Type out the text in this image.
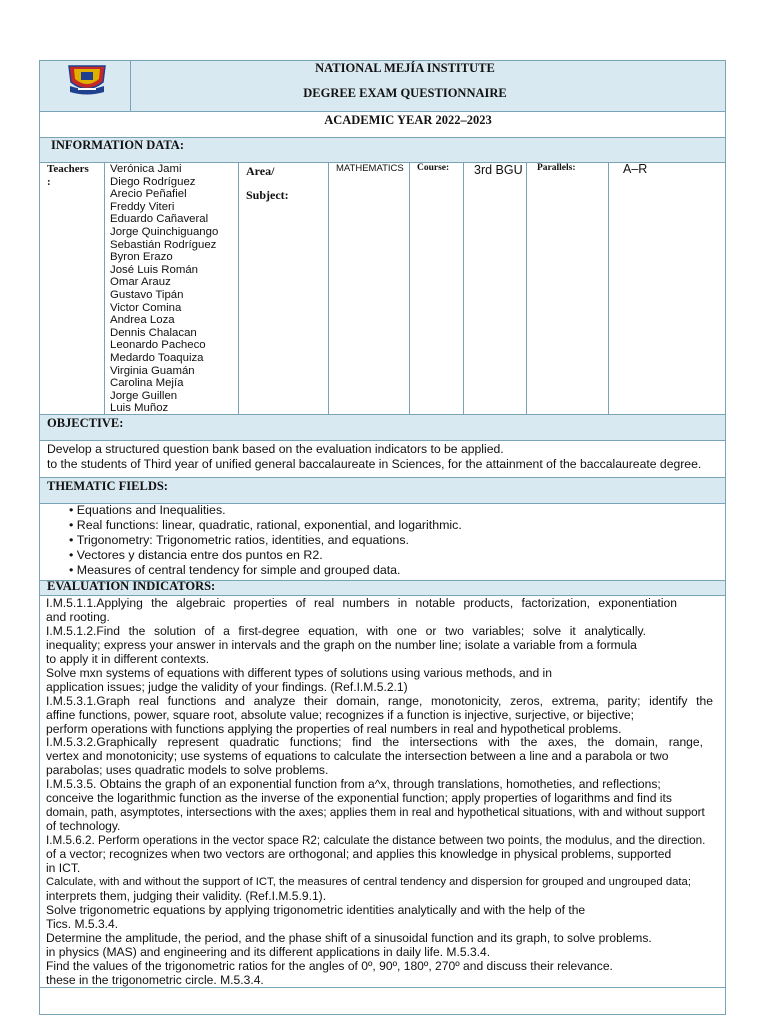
NATIONAL MEJÍA INSTITUTE
DEGREE EXAM QUESTIONNAIRE
ACADEMIC YEAR 2022–2023
INFORMATION DATA:
Teachers
:
Verónica Jami
Diego Rodríguez
Arecio Peñafiel
Freddy Viteri
Eduardo Cañaveral
Jorge Quinchiguango
Sebastián Rodríguez
Byron Erazo
José Luis Román
Omar Arauz
Gustavo Tipán
Victor Comina
Andrea Loza
Dennis Chalacan
Leonardo Pacheco
Medardo Toaquiza
Virginia Guamán
Carolina Mejía
Jorge Guillen
Luis Muñoz
Area/
Subject:
MATHEMATICS Course: 3rd BGU Parallels:	A–R
OBJECTIVE:
Develop a structured question bank based on the evaluation indicators to be applied.
to the students of Third year of unified general baccalaureate in Sciences, for the attainment of the baccalaureate degree.
THEMATIC FIELDS:
• Equations and Inequalities.
• Real functions: linear, quadratic, rational, exponential, and logarithmic.
• Trigonometry: Trigonometric ratios, identities, and equations.
• Vectores y distancia entre dos puntos en R2.
• Measures of central tendency for simple and grouped data.
EVALUATION INDICATORS:
I.M.5.1.1.Applying the algebraic properties of real numbers in notable products, factorization, exponentiation
and rooting.
I.M.5.1.2.Find the solution of a first-degree equation, with one or two variables; solve it analytically.
inequality; express your answer in intervals and the graph on the number line; isolate a variable from a formula
to apply it in different contexts.
Solve mxn systems of equations with different types of solutions using various methods, and in
application issues; judge the validity of your findings. (Ref.I.M.5.2.1)
I.M.5.3.1.Graph real functions and analyze their domain, range, monotonicity, zeros, extrema, parity; identify the
affine functions, power, square root, absolute value; recognizes if a function is injective, surjective, or bijective;
perform operations with functions applying the properties of real numbers in real and hypothetical problems.
I.M.5.3.2.Graphically represent quadratic functions; find the intersections with the axes, the domain, range,
vertex and monotonicity; use systems of equations to calculate the intersection between a line and a parabola or two
parabolas; uses quadratic models to solve problems.
I.M.5.3.5. Obtains the graph of an exponential function from a^x, through translations, homotheties, and reflections;
conceive the logarithmic function as the inverse of the exponential function; apply properties of logarithms and find its
domain, path, asymptotes, intersections with the axes; applies them in real and hypothetical situations, with and without support
of technology.
I.M.5.6.2. Perform operations in the vector space R2; calculate the distance between two points, the modulus, and the direction.
of a vector; recognizes when two vectors are orthogonal; and applies this knowledge in physical problems, supported
in ICT.
Calculate, with and without the support of ICT, the measures of central tendency and dispersion for grouped and ungrouped data;
interprets them, judging their validity. (Ref.I.M.5.9.1).
Solve trigonometric equations by applying trigonometric identities analytically and with the help of the
Tics. M.5.3.4.
Determine the amplitude, the period, and the phase shift of a sinusoidal function and its graph, to solve problems.
in physics (MAS) and engineering and its different applications in daily life. M.5.3.4.
Find the values of the trigonometric ratios for the angles of 0º, 90º, 180º, 270º and discuss their relevance.
these in the trigonometric circle. M.5.3.4.
